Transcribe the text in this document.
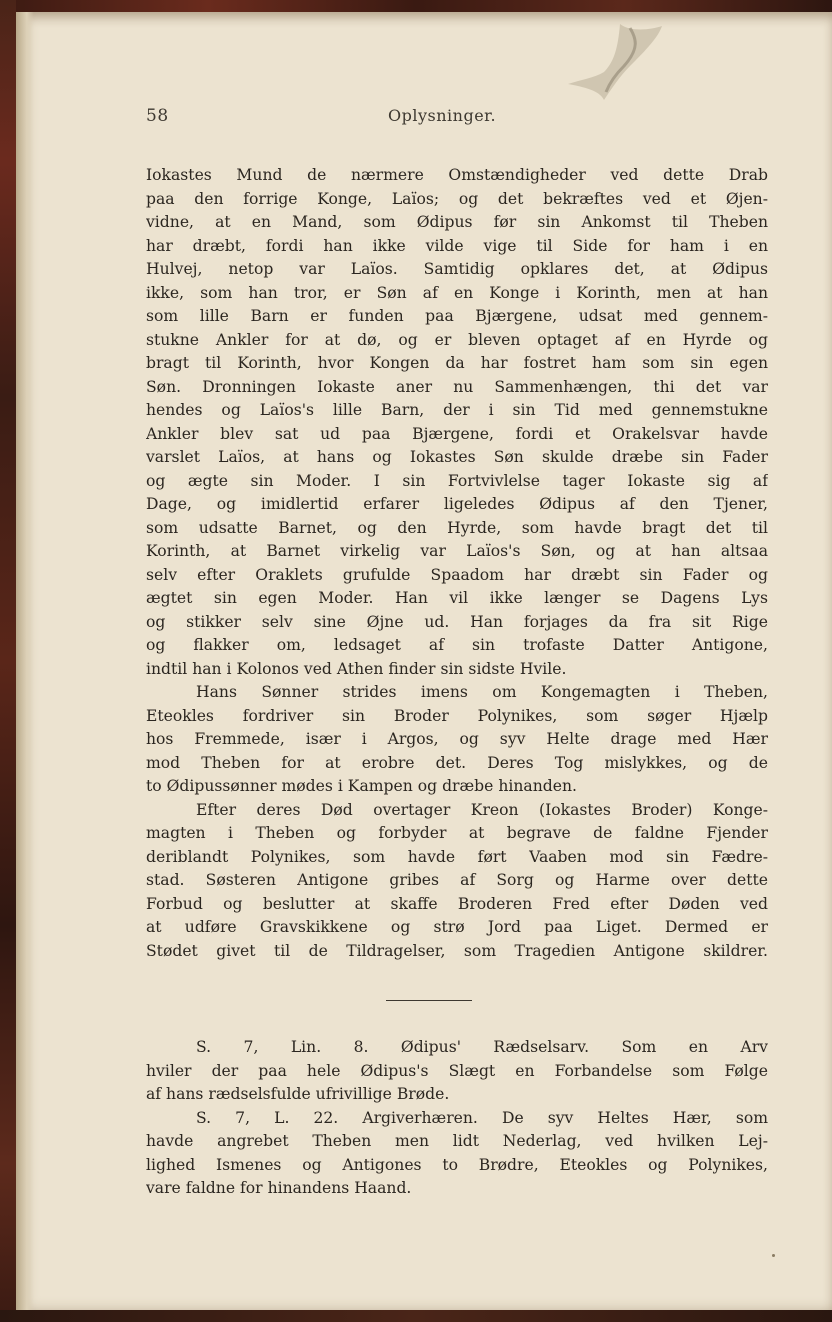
58	Oplysninger.
Iokastes Mund de nærmere Omstændigheder ved dette Drab
paa den forrige Konge, Laïos; og det bekræftes ved et Øjen-
vidne, at en Mand, som Ødipus før sin Ankomst til Theben
har dræbt, fordi han ikke vilde vige til Side for ham i en
Hulvej, netop var Laïos. Samtidig opklares det, at Ødipus
ikke, som han tror, er Søn af en Konge i Korinth, men at han
som lille Barn er funden paa Bjærgene, udsat med gennem-
stukne Ankler for at dø, og er bleven optaget af en Hyrde og
bragt til Korinth, hvor Kongen da har fostret ham som sin egen
Søn. Dronningen Iokaste aner nu Sammenhængen, thi det var
hendes og Laïos's lille Barn, der i sin Tid med gennemstukne
Ankler blev sat ud paa Bjærgene, fordi et Orakelsvar havde
varslet Laïos, at hans og Iokastes Søn skulde dræbe sin Fader
og ægte sin Moder. I sin Fortvivlelse tager Iokaste sig af
Dage, og imidlertid erfarer ligeledes Ødipus af den Tjener,
som udsatte Barnet, og den Hyrde, som havde bragt det til
Korinth, at Barnet virkelig var Laïos's Søn, og at han altsaa
selv efter Oraklets grufulde Spaadom har dræbt sin Fader og
ægtet sin egen Moder. Han vil ikke længer se Dagens Lys
og stikker selv sine Øjne ud. Han forjages da fra sit Rige
og flakker om, ledsaget af sin trofaste Datter Antigone,
indtil han i Kolonos ved Athen finder sin sidste Hvile.
Hans Sønner strides imens om Kongemagten i Theben,
Eteokles fordriver sin Broder Polynikes, som søger Hjælp
hos Fremmede, især i Argos, og syv Helte drage med Hær
mod Theben for at erobre det. Deres Tog mislykkes, og de
to Ødipussønner mødes i Kampen og dræbe hinanden.
Efter deres Død overtager Kreon (Iokastes Broder) Konge-
magten i Theben og forbyder at begrave de faldne Fjender
deriblandt Polynikes, som havde ført Vaaben mod sin Fædre-
stad. Søsteren Antigone gribes af Sorg og Harme over dette
Forbud og beslutter at skaffe Broderen Fred efter Døden ved
at udføre Gravskikkene og strø Jord paa Liget. Dermed er
Stødet givet til de Tildragelser, som Tragedien Antigone skildrer.
S. 7, Lin. 8. Ødipus' Rædselsarv. Som en Arv
hviler der paa hele Ødipus's Slægt en Forbandelse som Følge
af hans rædselsfulde ufrivillige Brøde.
S. 7, L. 22. Argiverhæren. De syv Heltes Hær, som
havde angrebet Theben men lidt Nederlag, ved hvilken Lej-
lighed Ismenes og Antigones to Brødre, Eteokles og Polynikes,
vare faldne for hinandens Haand.
